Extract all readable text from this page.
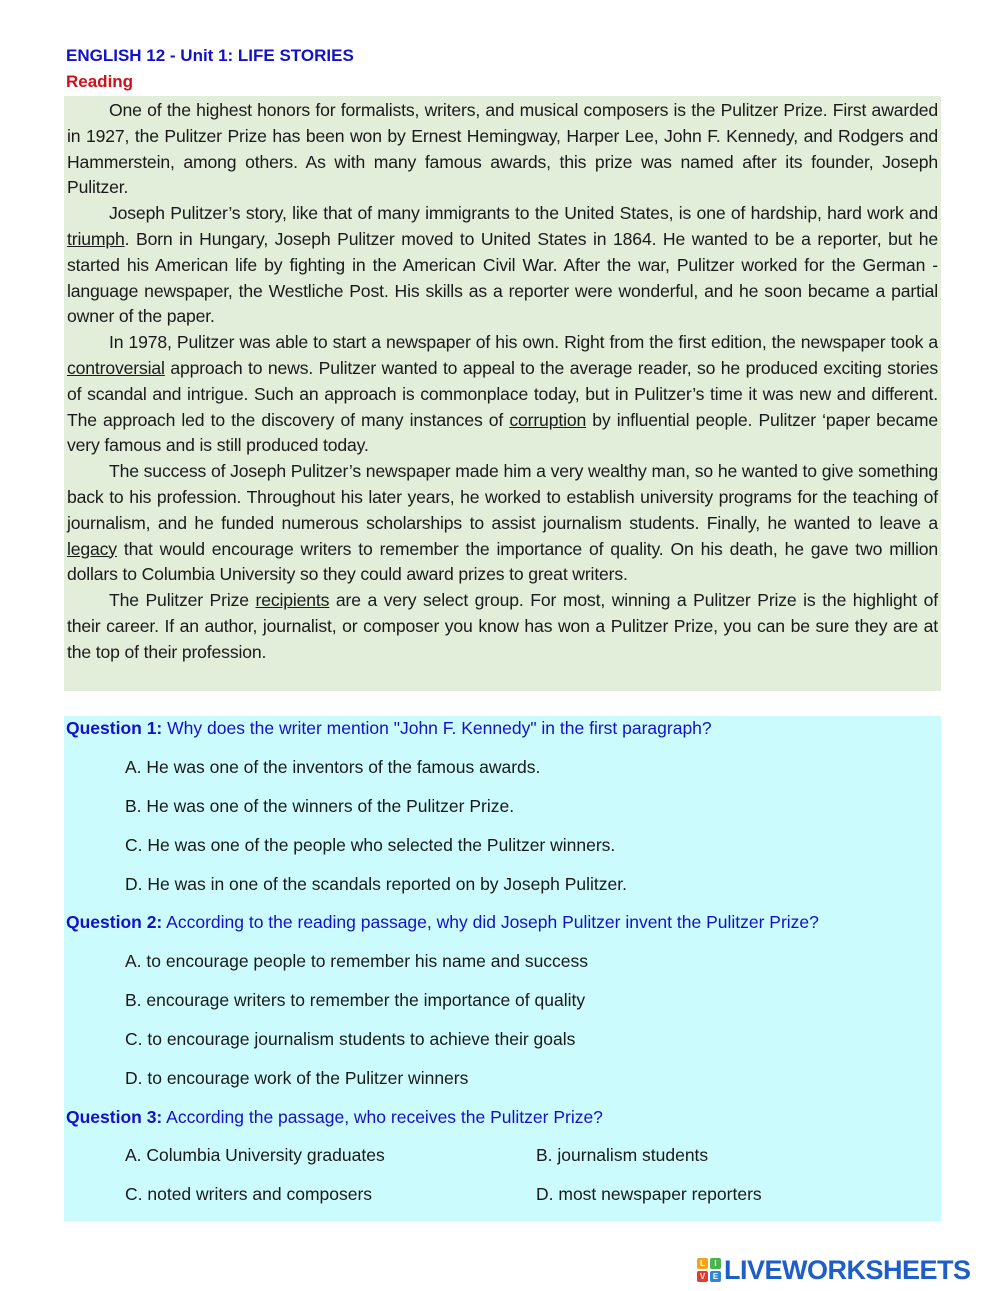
ENGLISH 12 - Unit 1: LIFE STORIES
Reading

One of the highest honors for formalists, writers, and musical composers is the Pulitzer Prize. First awarded in 1927, the Pulitzer Prize has been won by Ernest Hemingway, Harper Lee, John F. Kennedy, and Rodgers and Hammerstein, among others. As with many famous awards, this prize was named after its founder, Joseph Pulitzer.

Joseph Pulitzer’s story, like that of many immigrants to the United States, is one of hardship, hard work and triumph. Born in Hungary, Joseph Pulitzer moved to United States in 1864. He wanted to be a reporter, but he started his American life by fighting in the American Civil War. After the war, Pulitzer worked for the German - language newspaper, the Westliche Post. His skills as a reporter were wonderful, and he soon became a partial owner of the paper.

In 1978, Pulitzer was able to start a newspaper of his own. Right from the first edition, the newspaper took a controversial approach to news. Pulitzer wanted to appeal to the average reader, so he produced exciting stories of scandal and intrigue. Such an approach is commonplace today, but in Pulitzer’s time it was new and different. The approach led to the discovery of many instances of corruption by influential people. Pulitzer ‘paper became very famous and is still produced today.

The success of Joseph Pulitzer’s newspaper made him a very wealthy man, so he wanted to give something back to his profession. Throughout his later years, he worked to establish university programs for the teaching of journalism, and he funded numerous scholarships to assist journalism students. Finally, he wanted to leave a legacy that would encourage writers to remember the importance of quality. On his death, he gave two million dollars to Columbia University so they could award prizes to great writers.

The Pulitzer Prize recipients are a very select group. For most, winning a Pulitzer Prize is the highlight of their career. If an author, journalist, or composer you know has won a Pulitzer Prize, you can be sure they are at the top of their profession.

Question 1: Why does the writer mention "John F. Kennedy" in the first paragraph?
A. He was one of the inventors of the famous awards.
B. He was one of the winners of the Pulitzer Prize.
C. He was one of the people who selected the Pulitzer winners.
D. He was in one of the scandals reported on by Joseph Pulitzer.
Question 2: According to the reading passage, why did Joseph Pulitzer invent the Pulitzer Prize?
A. to encourage people to remember his name and success
B. encourage writers to remember the importance of quality
C. to encourage journalism students to achieve their goals
D. to encourage work of the Pulitzer winners
Question 3: According the passage, who receives the Pulitzer Prize?
A. Columbia University graduates	B. journalism students
C. noted writers and composers	D. most newspaper reporters
L	I
V E LIVEWORKSHEETS
